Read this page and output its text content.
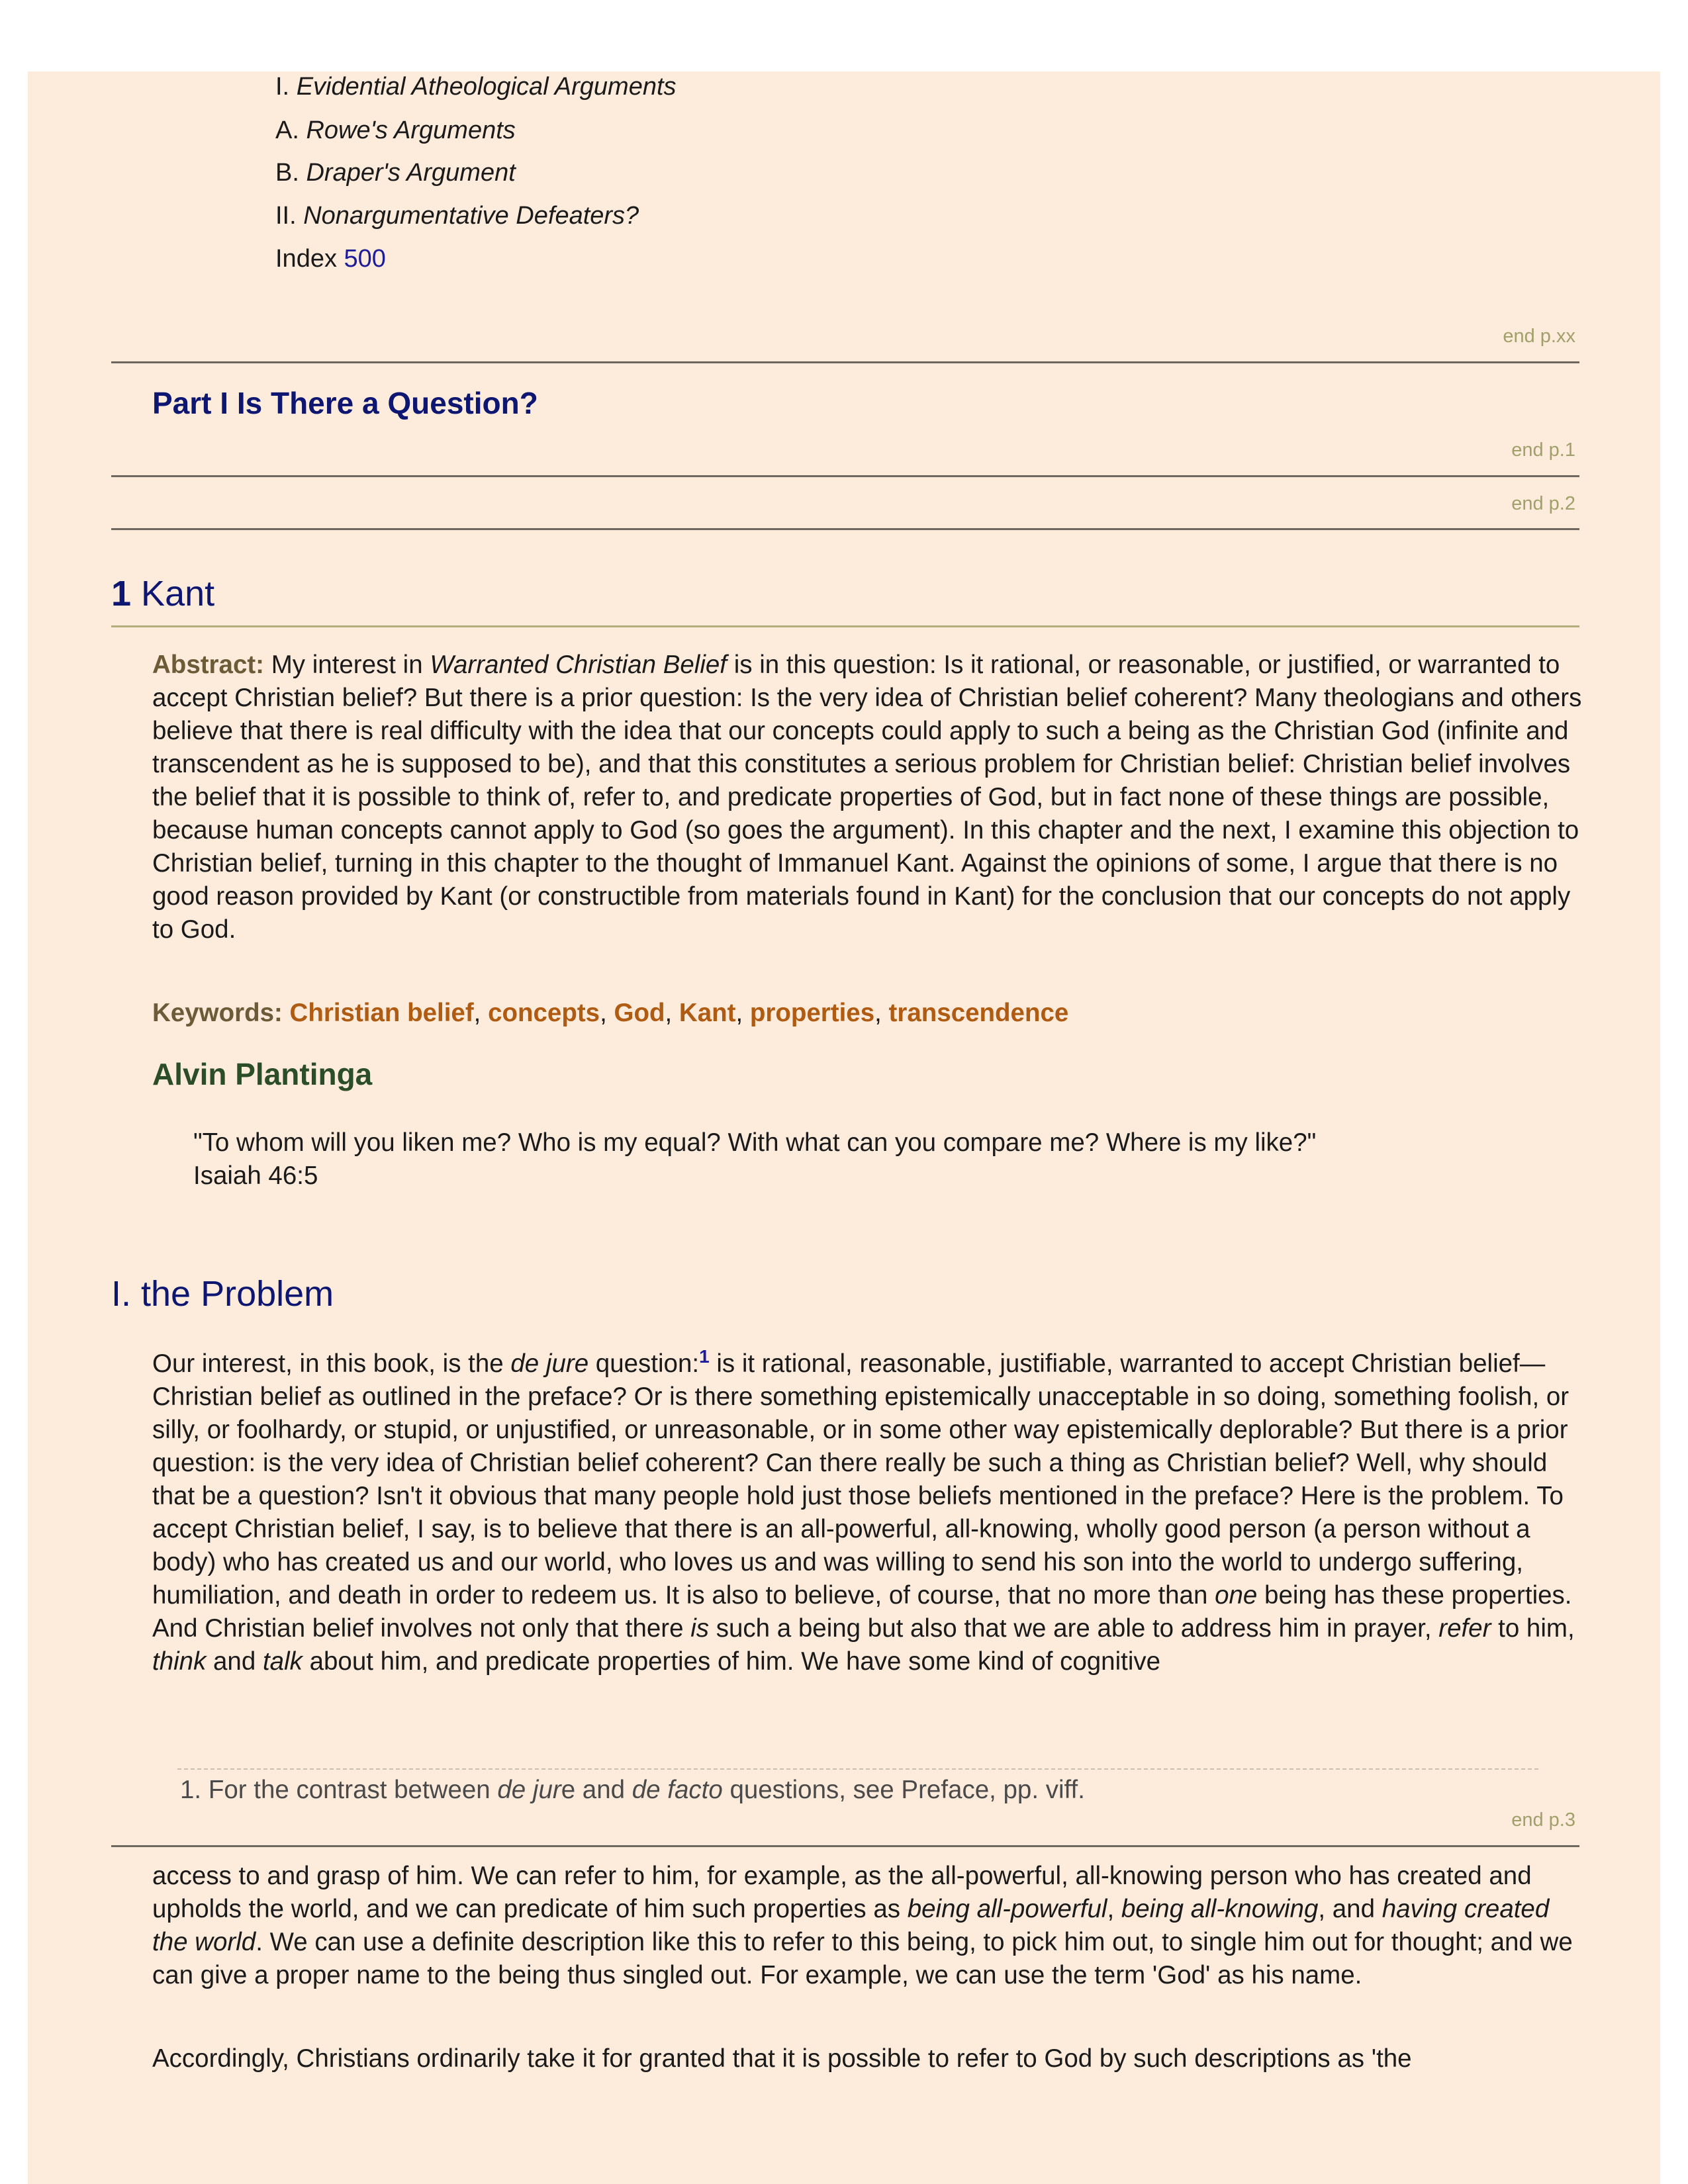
I. Evidential Atheological Arguments
A. Rowe's Arguments
B. Draper's Argument
II. Nonargumentative Defeaters?
Index 500
end p.xx
Part I Is There a Question?
end p.1
end p.2
1 Kant

Abstract: My interest in Warranted Christian Belief is in this question: Is it rational, or reasonable, or justified, or warranted to accept Christian belief? But there is a prior question: Is the very idea of Christian belief coherent? Many theologians and others believe that there is real difficulty with the idea that our concepts could apply to such a being as the Christian God (infinite and transcendent as he is supposed to be), and that this constitutes a serious problem for Christian belief: Christian belief involves the belief that it is possible to think of, refer to, and predicate properties of God, but in fact none of these things are possible, because human concepts cannot apply to God (so goes the argument). In this chapter and the next, I examine this objection to Christian belief, turning in this chapter to the thought of Immanuel Kant. Against the opinions of some, I argue that there is no good reason provided by Kant (or constructible from materials found in Kant) for the conclusion that our concepts do not apply to God.

Keywords: Christian belief, concepts, God, Kant, properties, transcendence
Alvin Plantinga
"To whom will you liken me? Who is my equal? With what can you compare me? Where is my like?"
Isaiah 46:5
I. the Problem

Our interest, in this book, is the de jure question:$^1$ is it rational, reasonable, justifiable, warranted to accept Christian belief—Christian belief as outlined in the preface? Or is there something epistemically unacceptable in so doing, something foolish, or silly, or foolhardy, or stupid, or unjustified, or unreasonable, or in some other way epistemically deplorable? But there is a prior question: is the very idea of Christian belief coherent? Can there really be such a thing as Christian belief? Well, why should that be a question? Isn't it obvious that many people hold just those beliefs mentioned in the preface? Here is the problem. To accept Christian belief, I say, is to believe that there is an all-powerful, all-knowing, wholly good person (a person without a body) who has created us and our world, who loves us and was willing to send his son into the world to undergo suffering, humiliation, and death in order to redeem us. It is also to believe, of course, that no more than one being has these properties. And Christian belief involves not only that there is such a being but also that we are able to address him in prayer, refer to him, think and talk about him, and predicate properties of him. We have some kind of cognitive

1. For the contrast between de jure and de facto questions, see Preface, pp. viff.
end p.3

access to and grasp of him. We can refer to him, for example, as the all-powerful, all-knowing person who has created and upholds the world, and we can predicate of him such properties as being all-powerful, being all-knowing, and having created the world. We can use a definite description like this to refer to this being, to pick him out, to single him out for thought; and we can give a proper name to the being thus singled out. For example, we can use the term 'God' as his name.

Accordingly, Christians ordinarily take it for granted that it is possible to refer to God by such descriptions as 'the
